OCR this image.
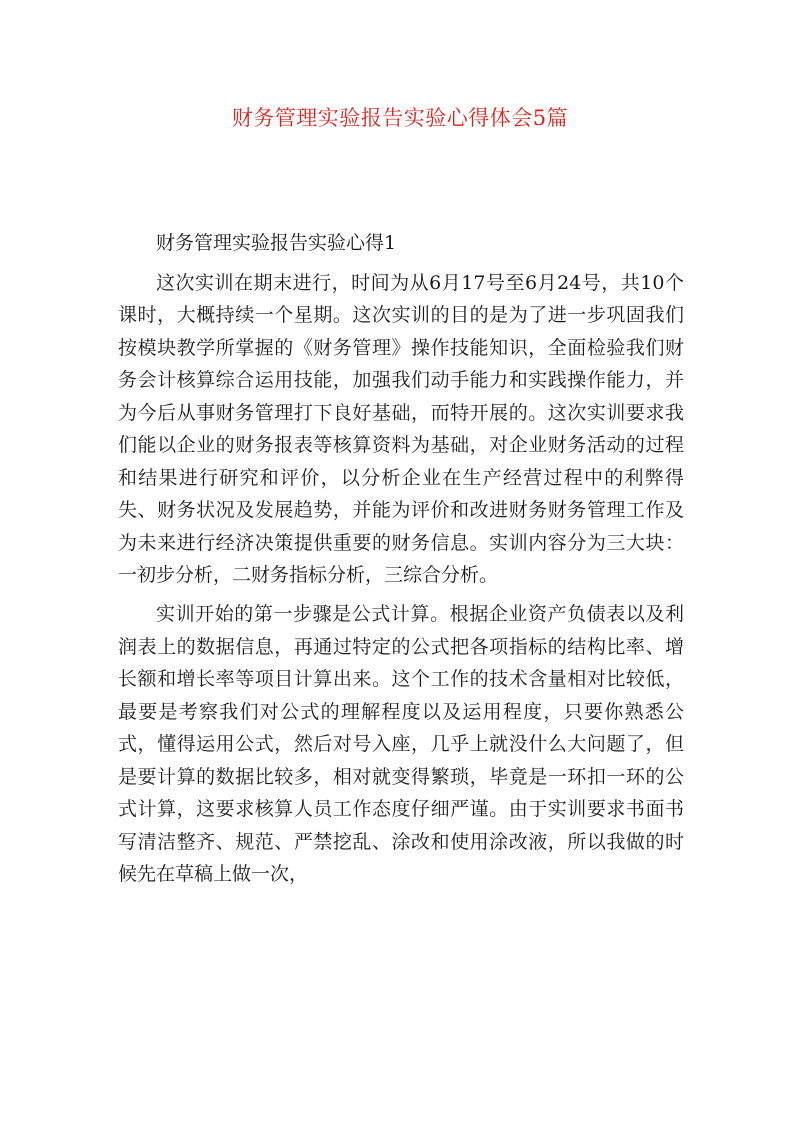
财务管理实验报告实验心得体会5篇

财务管理实验报告实验心得1

这次实训在期末进行，时间为从6月17号至6月24号，共10个课时，大概持续一个星期。这次实训的目的是为了进一步巩固我们按模块教学所掌握的《财务管理》操作技能知识，全面检验我们财务会计核算综合运用技能，加强我们动手能力和实践操作能力，并为今后从事财务管理打下良好基础，而特开展的。这次实训要求我们能以企业的财务报表等核算资料为基础，对企业财务活动的过程和结果进行研究和评价，以分析企业在生产经营过程中的利弊得失、财务状况及发展趋势，并能为评价和改进财务财务管理工作及为未来进行经济决策提供重要的财务信息。实训内容分为三大块：一初步分析，二财务指标分析，三综合分析。

实训开始的第一步骤是公式计算。根据企业资产负债表以及利润表上的数据信息，再通过特定的公式把各项指标的结构比率、增长额和增长率等项目计算出来。这个工作的技术含量相对比较低，最要是考察我们对公式的理解程度以及运用程度，只要你熟悉公式，懂得运用公式，然后对号入座，几乎上就没什么大问题了，但是要计算的数据比较多，相对就变得繁琐，毕竟是一环扣一环的公式计算，这要求核算人员工作态度仔细严谨。由于实训要求书面书写清洁整齐、规范、严禁挖乱、涂改和使用涂改液，所以我做的时候先在草稿上做一次，
